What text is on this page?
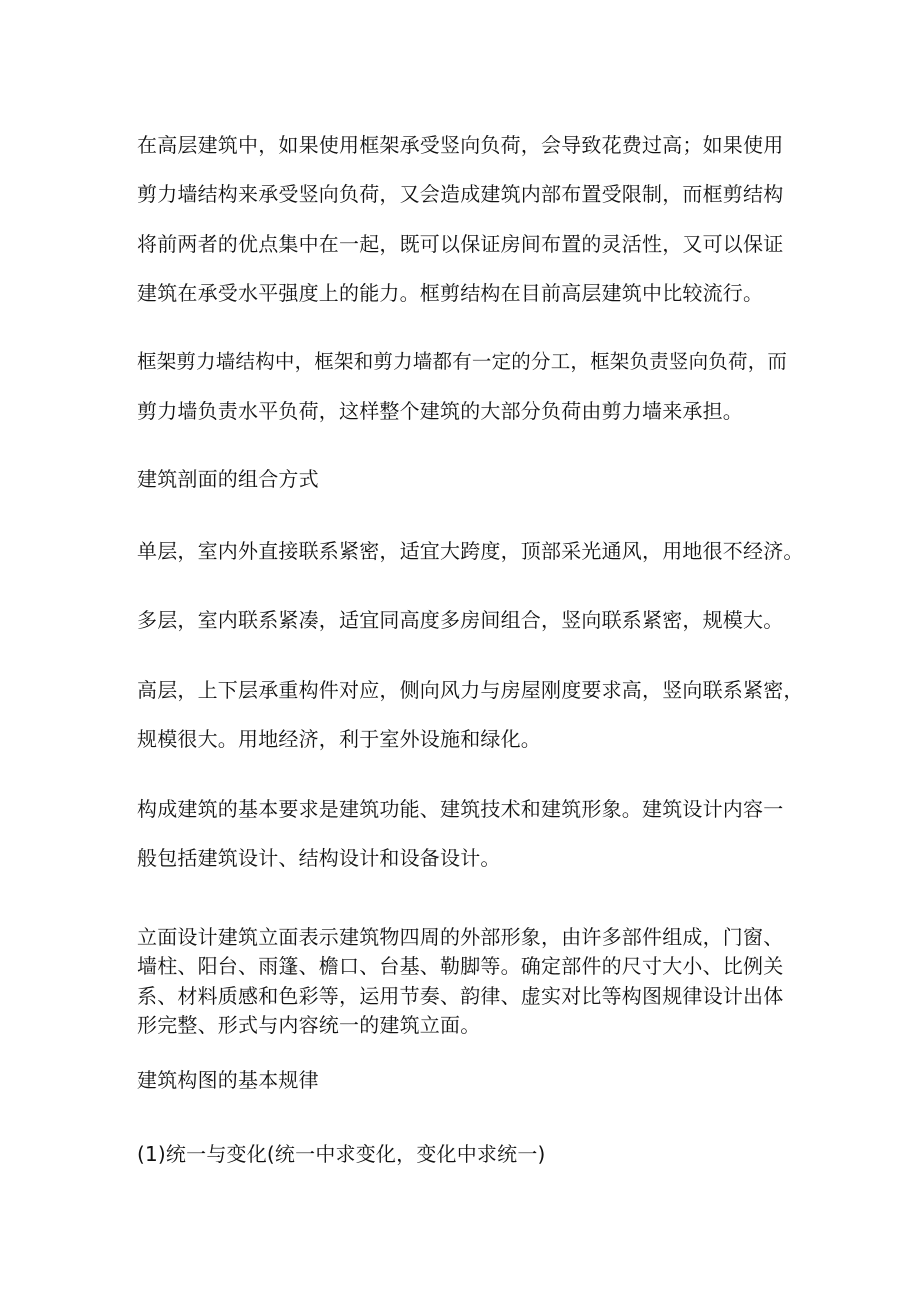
在高层建筑中，如果使用框架承受竖向负荷，会导致花费过高；如果使用
剪力墙结构来承受竖向负荷，又会造成建筑内部布置受限制，而框剪结构
将前两者的优点集中在一起，既可以保证房间布置的灵活性，又可以保证
建筑在承受水平强度上的能力。框剪结构在目前高层建筑中比较流行。
框架剪力墙结构中，框架和剪力墙都有一定的分工，框架负责竖向负荷，而
剪力墙负责水平负荷，这样整个建筑的大部分负荷由剪力墙来承担。
建筑剖面的组合方式
单层，室内外直接联系紧密，适宜大跨度，顶部采光通风，用地很不经济。
多层，室内联系紧凑，适宜同高度多房间组合，竖向联系紧密，规模大。
高层，上下层承重构件对应，侧向风力与房屋刚度要求高，竖向联系紧密，
规模很大。用地经济，利于室外设施和绿化。
构成建筑的基本要求是建筑功能、建筑技术和建筑形象。建筑设计内容一
般包括建筑设计、结构设计和设备设计。
立面设计建筑立面表示建筑物四周的外部形象，由许多部件组成，门窗、
墙柱、阳台、雨篷、檐口、台基、勒脚等。确定部件的尺寸大小、比例关
系、材料质感和色彩等，运用节奏、韵律、虚实对比等构图规律设计出体
形完整、形式与内容统一的建筑立面。
建筑构图的基本规律
(1)统一与变化(统一中求变化，变化中求统一)
